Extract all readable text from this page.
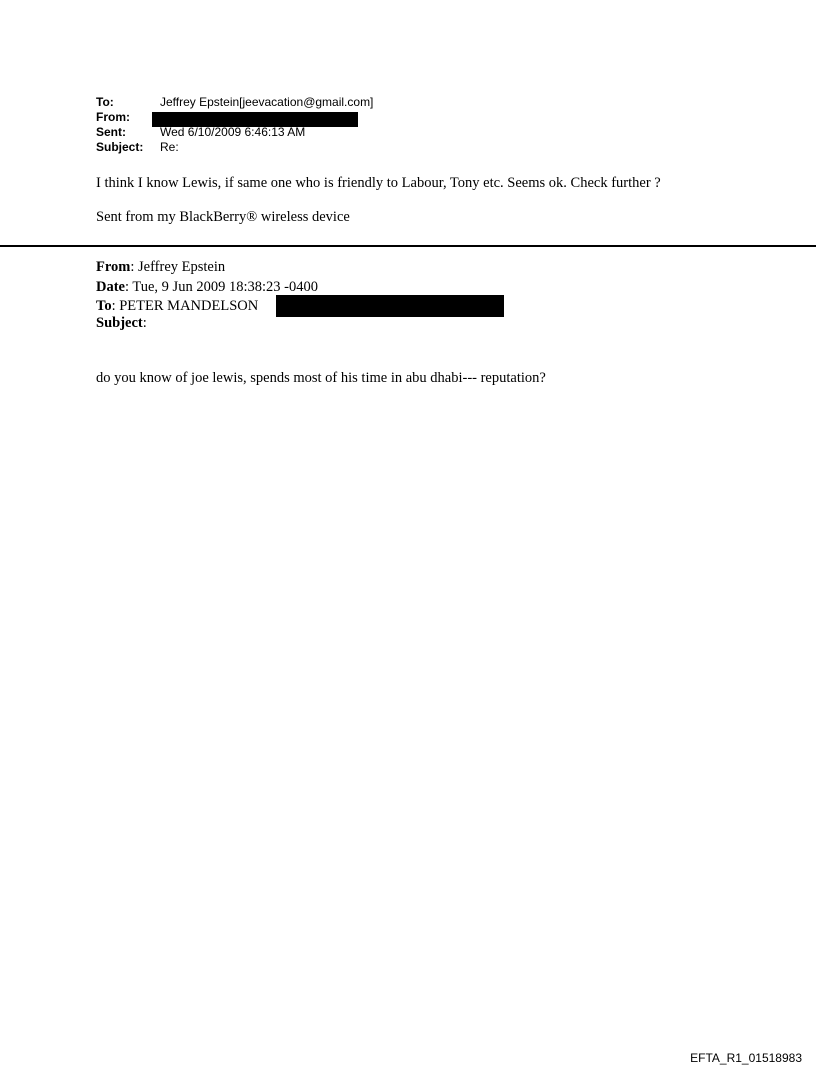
To:	Jeffrey Epstein[jeevacation@gmail.com]
From:
Sent:	Wed 6/10/2009 6:46:13 AM
Subject: Re:
I think I know Lewis, if same one who is friendly to Labour, Tony etc. Seems ok. Check further ?
Sent from my BlackBerry® wireless device
From: Jeffrey Epstein
Date: Tue, 9 Jun 2009 18:38:23 -0400
To: PETER MANDELSON
Subject:
do you know of joe lewis, spends most of his time in abu dhabi--- reputation?
EFTA_R1_01518983
